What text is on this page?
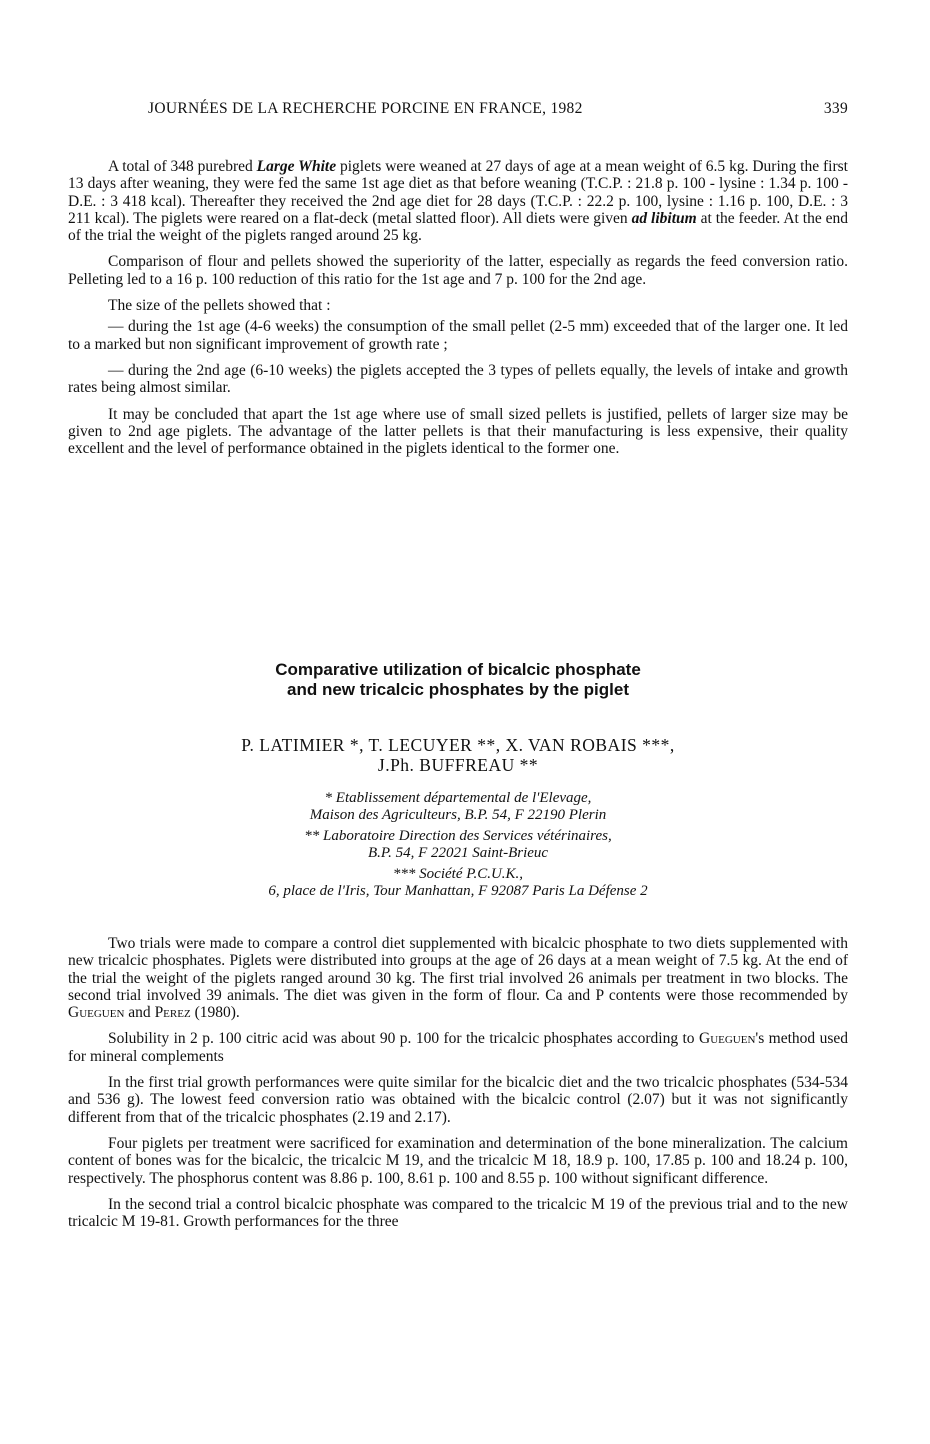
JOURNÉES DE LA RECHERCHE PORCINE EN FRANCE, 1982	339

A total of 348 purebred Large White piglets were weaned at 27 days of age at a mean weight of 6.5 kg. During the first 13 days after weaning, they were fed the same 1st age diet as that before weaning (T.C.P. : 21.8 p. 100 - lysine : 1.34 p. 100 - D.E. : 3 418 kcal). Thereafter they received the 2nd age diet for 28 days (T.C.P. : 22.2 p. 100, lysine : 1.16 p. 100, D.E. : 3 211 kcal). The piglets were reared on a flat-deck (metal slatted floor). All diets were given ad libitum at the feeder. At the end of the trial the weight of the piglets ranged around 25 kg.

Comparison of flour and pellets showed the superiority of the latter, especially as regards the feed conversion ratio. Pelleting led to a 16 p. 100 reduction of this ratio for the 1st age and 7 p. 100 for the 2nd age.

The size of the pellets showed that :

— during the 1st age (4-6 weeks) the consumption of the small pellet (2-5 mm) exceeded that of the larger one. It led to a marked but non significant improvement of growth rate ;

— during the 2nd age (6-10 weeks) the piglets accepted the 3 types of pellets equally, the levels of intake and growth rates being almost similar.

It may be concluded that apart the 1st age where use of small sized pellets is justified, pellets of larger size may be given to 2nd age piglets. The advantage of the latter pellets is that their manufacturing is less expensive, their quality excellent and the level of performance obtained in the piglets identical to the former one.

Comparative utilization of bicalcic phosphate
and new tricalcic phosphates by the piglet
P. LATIMIER *, T. LECUYER **, X. VAN ROBAIS ***,
J.Ph. BUFFREAU **
* Etablissement départemental de l'Elevage,
Maison des Agriculteurs, B.P. 54, F 22190 Plerin
** Laboratoire Direction des Services vétérinaires,
B.P. 54, F 22021 Saint-Brieuc
*** Société P.C.U.K.,
6, place de l'Iris, Tour Manhattan, F 92087 Paris La Défense 2

Two trials were made to compare a control diet supplemented with bicalcic phosphate to two diets supplemented with new tricalcic phosphates. Piglets were distributed into groups at the age of 26 days at a mean weight of 7.5 kg. At the end of the trial the weight of the piglets ranged around 30 kg. The first trial involved 26 animals per treatment in two blocks. The second trial involved 39 animals. The diet was given in the form of flour. Ca and P contents were those recommended by Gueguen and Perez (1980).

Solubility in 2 p. 100 citric acid was about 90 p. 100 for the tricalcic phosphates according to Gueguen's method used for mineral complements

In the first trial growth performances were quite similar for the bicalcic diet and the two tricalcic phosphates (534-534 and 536 g). The lowest feed conversion ratio was obtained with the bicalcic control (2.07) but it was not significantly different from that of the tricalcic phosphates (2.19 and 2.17).

Four piglets per treatment were sacrificed for examination and determination of the bone mineralization. The calcium content of bones was for the bicalcic, the tricalcic M 19, and the tricalcic M 18, 18.9 p. 100, 17.85 p. 100 and 18.24 p. 100, respectively. The phosphorus content was 8.86 p. 100, 8.61 p. 100 and 8.55 p. 100 without significant difference.

In the second trial a control bicalcic phosphate was compared to the tricalcic M 19 of the previous trial and to the new tricalcic M 19-81. Growth performances for the three
